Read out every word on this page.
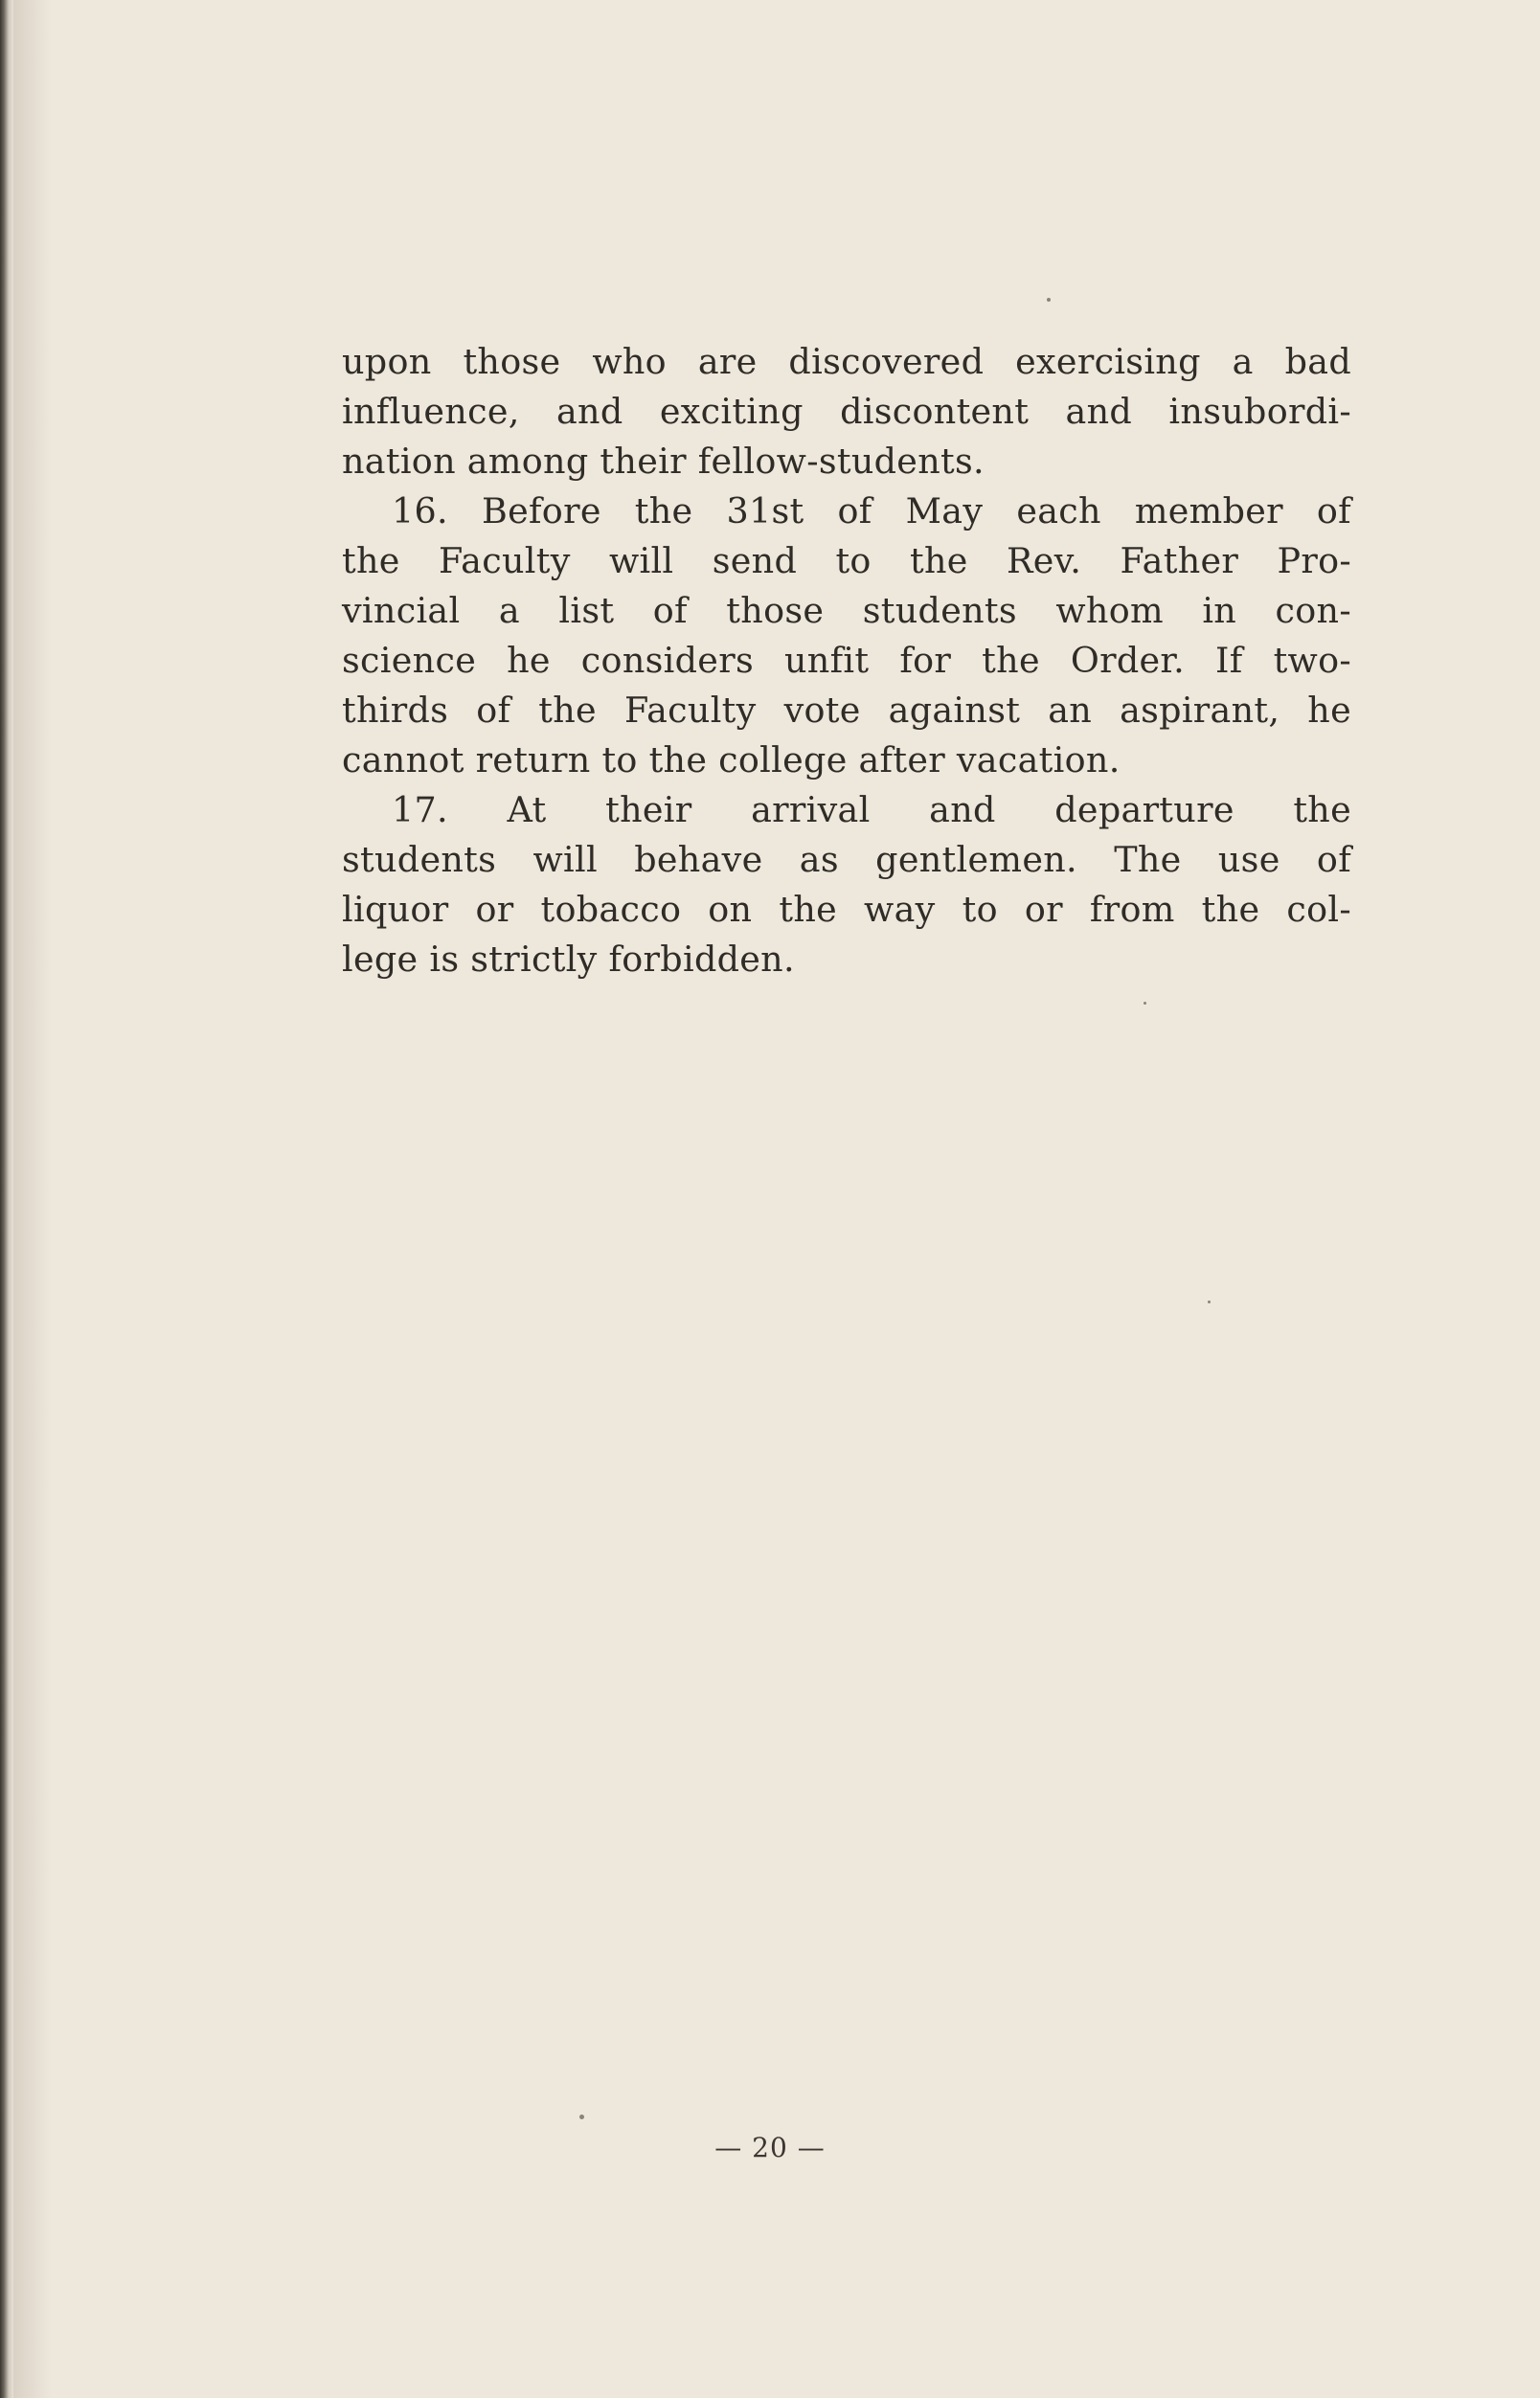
upon those who are discovered exercising a bad
influence, and exciting discontent and insubordi-
nation among their fellow-students.
16. Before the 31st of May each member of
the Faculty will send to the Rev. Father Pro-
vincial a list of those students whom in con-
science he considers unfit for the Order. If two-
thirds of the Faculty vote against an aspirant, he
cannot return to the college after vacation.
17. At their arrival and departure the
students will behave as gentlemen. The use of
liquor or tobacco on the way to or from the col-
lege is strictly forbidden.
— 20 —
